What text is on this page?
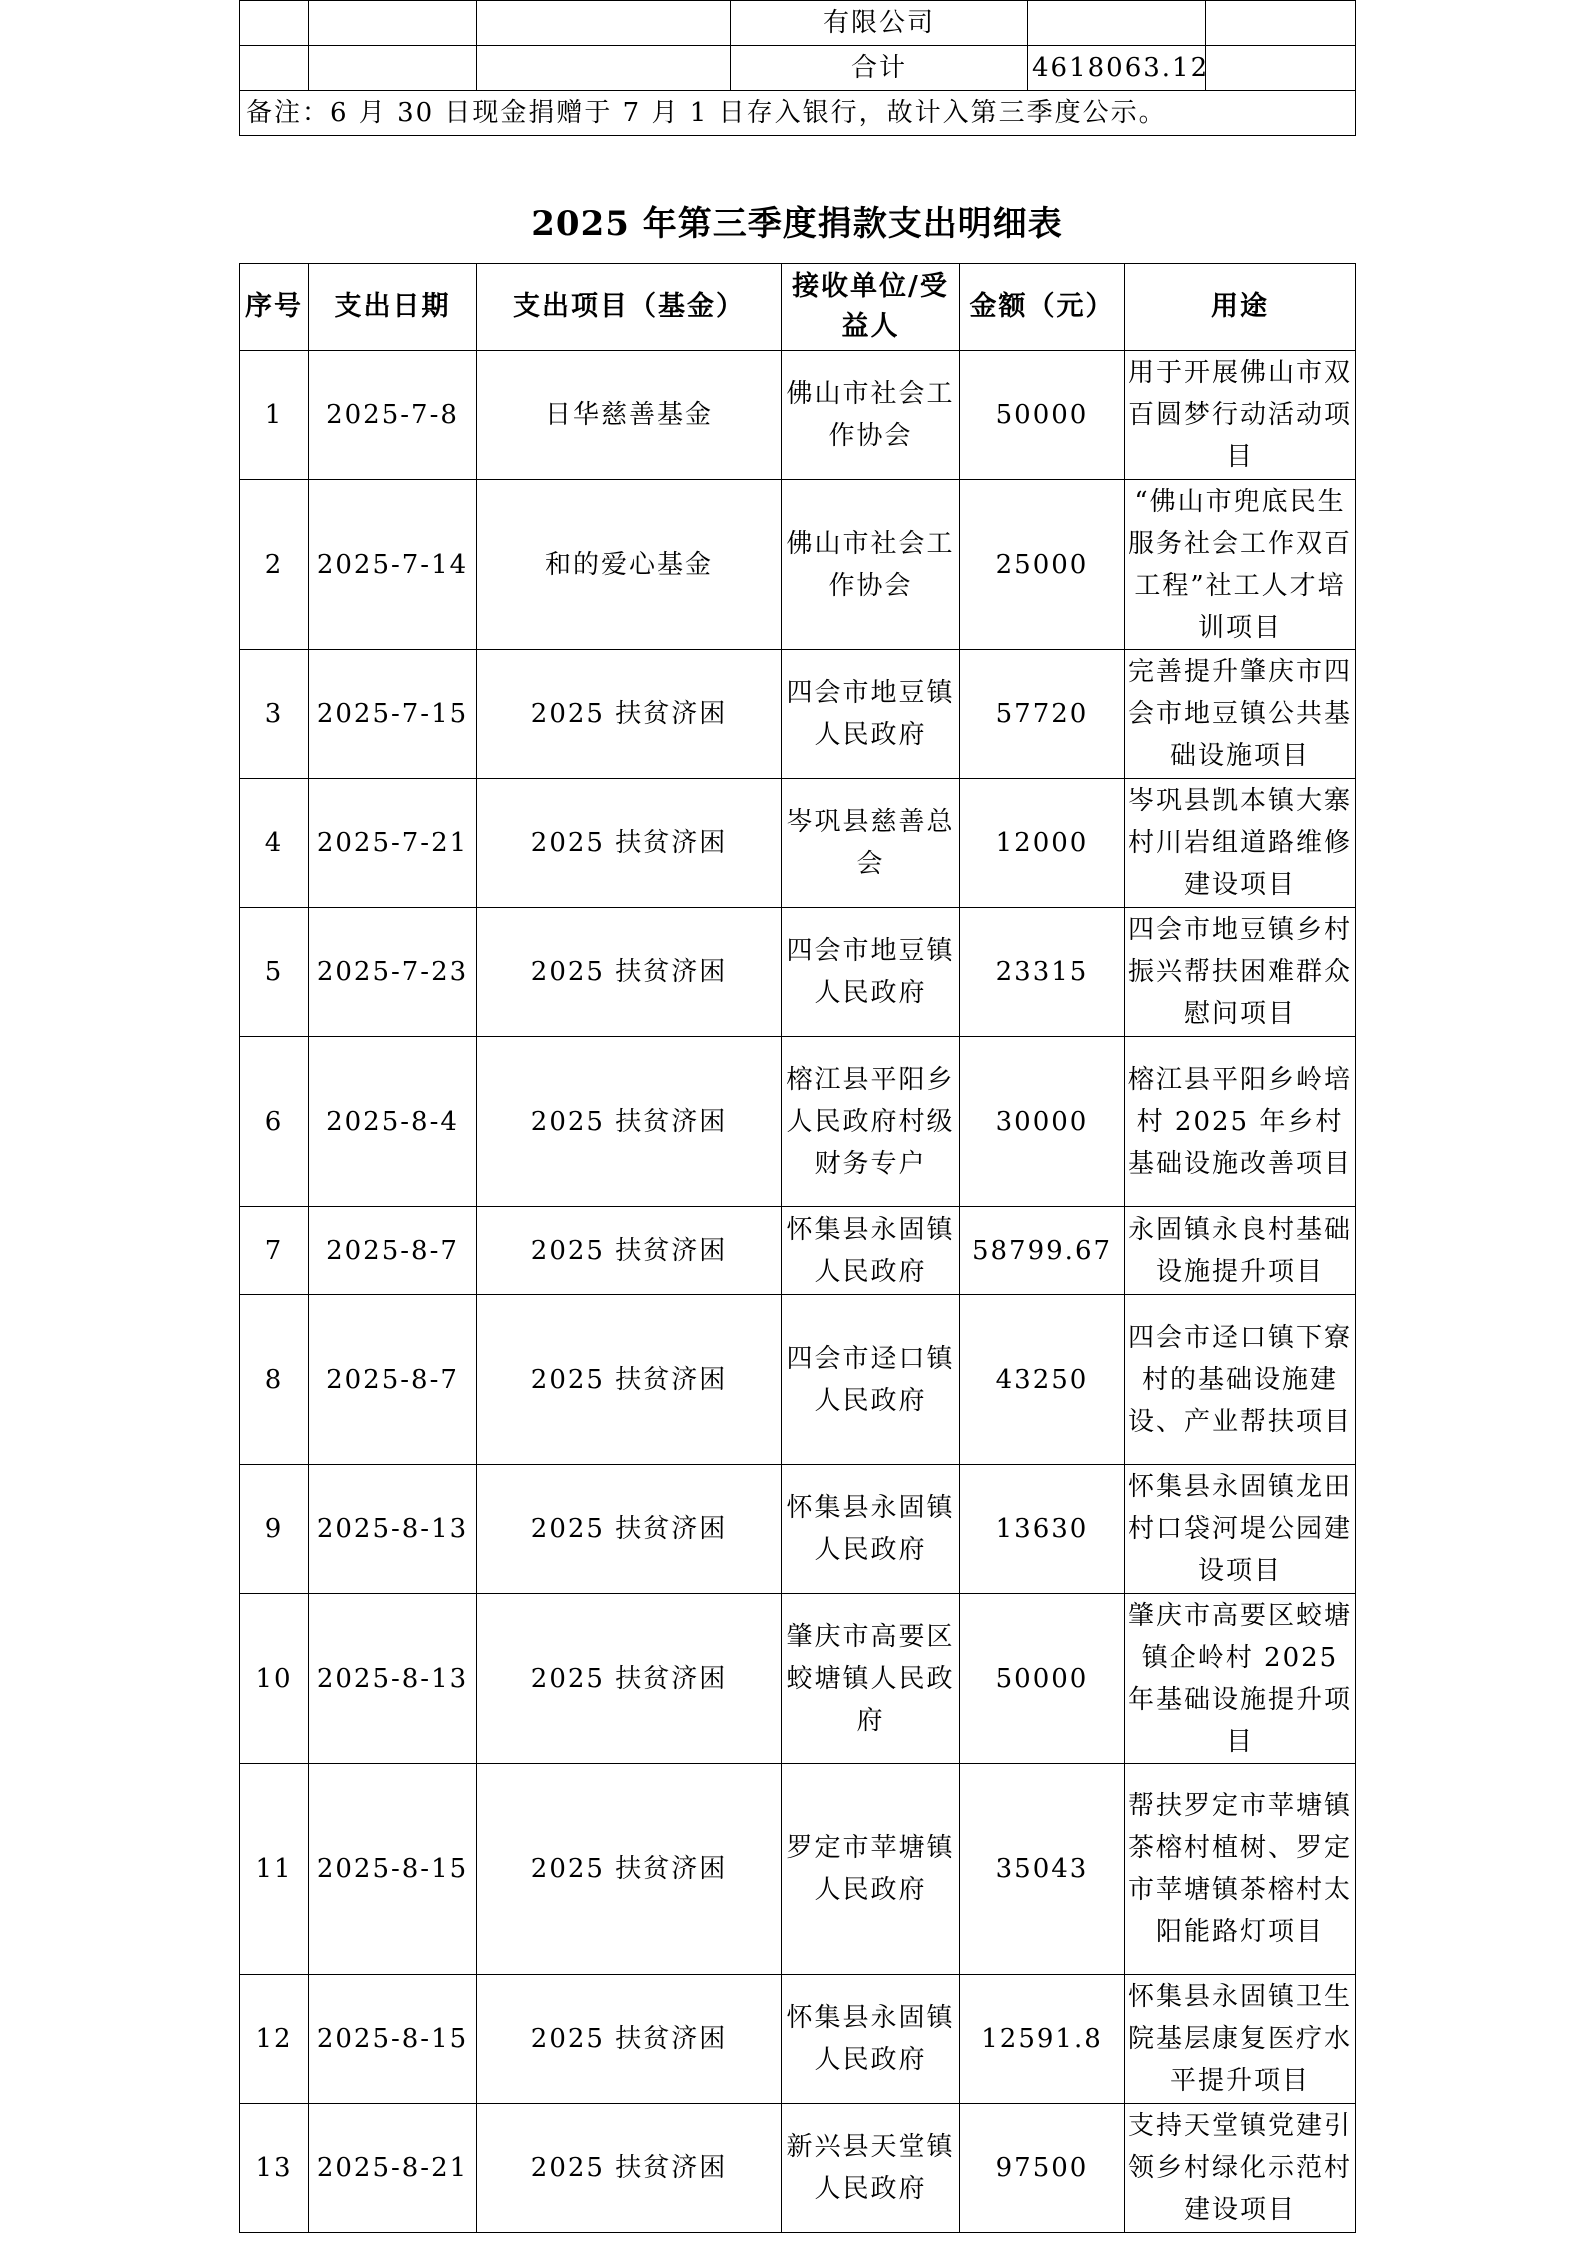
			有限公司		
			合计	4618063.12	
备注：6 月 30 日现金捐赠于 7 月 1 日存入银行，故计入第三季度公示。					
2025 年第三季度捐款支出明细表
序号	支出日期	支出项目（基金）	接收单位/受益人	金额（元）	用途
1	2025-7-8	日华慈善基金	佛山市社会工作协会	50000	用于开展佛山市双百圆梦行动活动项目
2	2025-7-14	和的爱心基金	佛山市社会工作协会	25000	“佛山市兜底民生服务社会工作双百工程”社工人才培训项目
3	2025-7-15	2025 扶贫济困	四会市地豆镇人民政府	57720	完善提升肇庆市四会市地豆镇公共基础设施项目
4	2025-7-21	2025 扶贫济困	岑巩县慈善总会	12000	岑巩县凯本镇大寨村川岩组道路维修建设项目
5	2025-7-23	2025 扶贫济困	四会市地豆镇人民政府	23315	四会市地豆镇乡村振兴帮扶困难群众慰问项目
6	2025-8-4	2025 扶贫济困	榕江县平阳乡人民政府村级财务专户	30000	榕江县平阳乡岭培村 2025 年乡村基础设施改善项目
7	2025-8-7	2025 扶贫济困	怀集县永固镇人民政府	58799.67	永固镇永良村基础设施提升项目
8	2025-8-7	2025 扶贫济困	四会市迳口镇人民政府	43250	四会市迳口镇下寮村的基础设施建设、产业帮扶项目
9	2025-8-13	2025 扶贫济困	怀集县永固镇人民政府	13630	怀集县永固镇龙田村口袋河堤公园建设项目
10	2025-8-13	2025 扶贫济困	肇庆市高要区蛟塘镇人民政府	50000	肇庆市高要区蛟塘镇企岭村 2025 年基础设施提升项目
11	2025-8-15	2025 扶贫济困	罗定市苹塘镇人民政府	35043	帮扶罗定市苹塘镇茶榕村植树、罗定市苹塘镇茶榕村太阳能路灯项目
12	2025-8-15	2025 扶贫济困	怀集县永固镇人民政府	12591.8	怀集县永固镇卫生院基层康复医疗水平提升项目
13	2025-8-21	2025 扶贫济困	新兴县天堂镇人民政府	97500	支持天堂镇党建引领乡村绿化示范村建设项目
